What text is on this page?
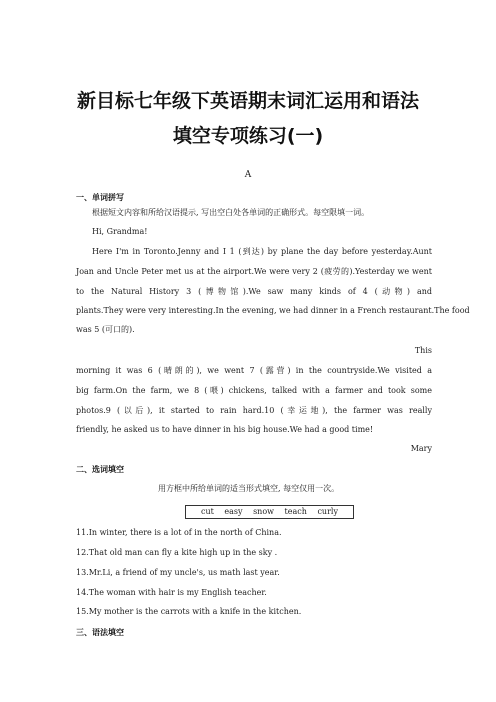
新目标七年级下英语期末词汇运用和语法
填空专项练习(一)
A
一、单词拼写
根据短文内容和所给汉语提示, 写出空白处各单词的正确形式。每空限填一词。
Hi, Grandma!
Here I'm in Toronto.Jenny and I 1 (到达) by plane the day before yesterday.Aunt
Joan and Uncle Peter met us at the airport.We were very 2 (疲劳的).Yesterday we went
to the Natural History 3 (博物馆).We saw many kinds of 4 (动物) and
plants.They were very interesting.In the evening, we had dinner in a French restaurant.The food
was 5 (可口的).
This
morning it was 6 (晴朗的), we went 7 (露营) in the countryside.We visited a
big farm.On the farm, we 8 (喂) chickens, talked with a farmer and took some
photos.9 (以后), it started to rain hard.10 (幸运地), the farmer was really
friendly, he asked us to have dinner in his big house.We had a good time!
Mary
二、选词填空
用方框中所给单词的适当形式填空, 每空仅用一次。
cut easy snow teach curly
11.In winter, there is a lot of in the north of China.
12.That old man can fly a kite high up in the sky .
13.Mr.Li, a friend of my uncle's, us math last year.
14.The woman with hair is my English teacher.
15.My mother is the carrots with a knife in the kitchen.
三、语法填空
